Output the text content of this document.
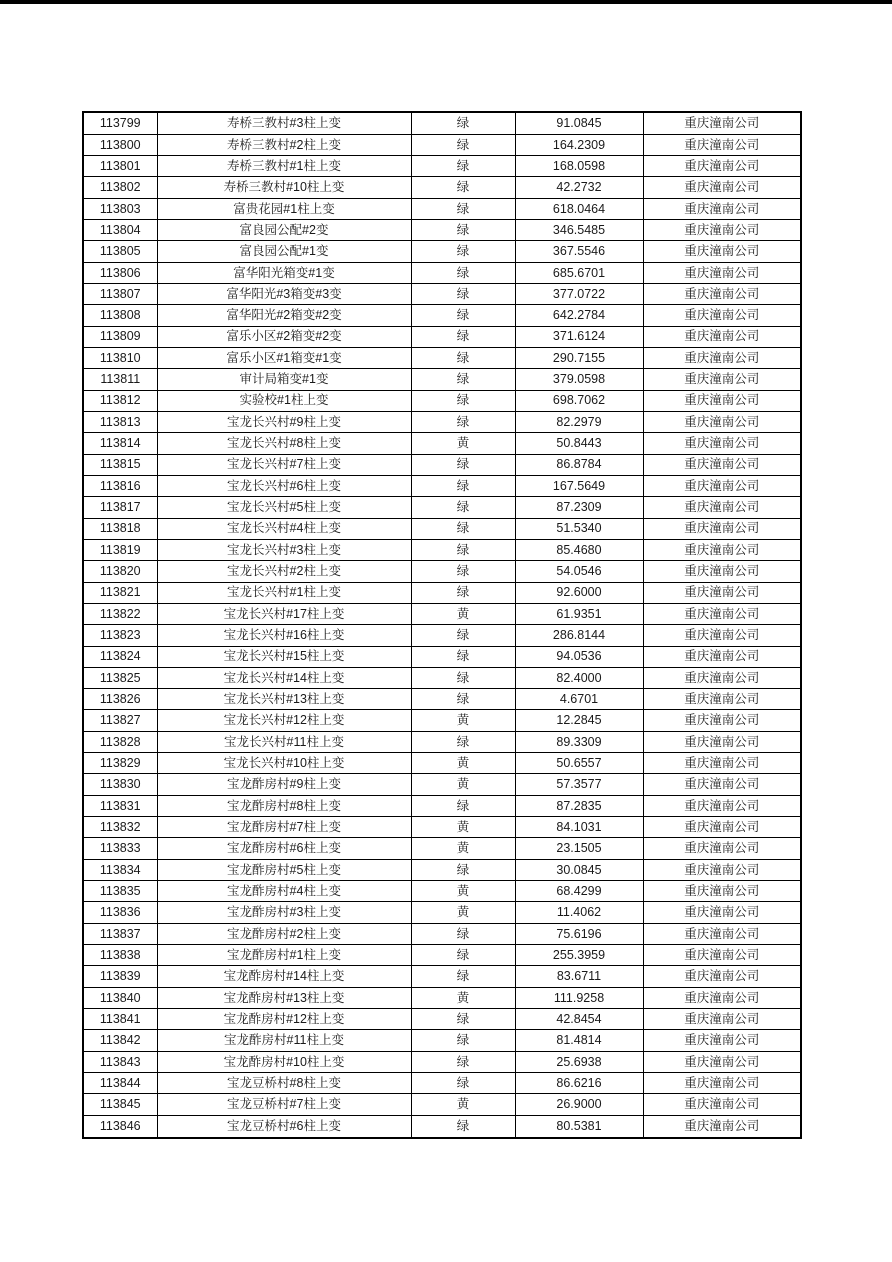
113799	寿桥三教村#3柱上变	绿	91.0845	重庆潼南公司
113800	寿桥三教村#2柱上变	绿	164.2309	重庆潼南公司
113801	寿桥三教村#1柱上变	绿	168.0598	重庆潼南公司
113802	寿桥三教村#10柱上变	绿	42.2732	重庆潼南公司
113803	富贵花园#1柱上变	绿	618.0464	重庆潼南公司
113804	富良园公配#2变	绿	346.5485	重庆潼南公司
113805	富良园公配#1变	绿	367.5546	重庆潼南公司
113806	富华阳光箱变#1变	绿	685.6701	重庆潼南公司
113807	富华阳光#3箱变#3变	绿	377.0722	重庆潼南公司
113808	富华阳光#2箱变#2变	绿	642.2784	重庆潼南公司
113809	富乐小区#2箱变#2变	绿	371.6124	重庆潼南公司
113810	富乐小区#1箱变#1变	绿	290.7155	重庆潼南公司
113811	审计局箱变#1变	绿	379.0598	重庆潼南公司
113812	实验校#1柱上变	绿	698.7062	重庆潼南公司
113813	宝龙长兴村#9柱上变	绿	82.2979	重庆潼南公司
113814	宝龙长兴村#8柱上变	黄	50.8443	重庆潼南公司
113815	宝龙长兴村#7柱上变	绿	86.8784	重庆潼南公司
113816	宝龙长兴村#6柱上变	绿	167.5649	重庆潼南公司
113817	宝龙长兴村#5柱上变	绿	87.2309	重庆潼南公司
113818	宝龙长兴村#4柱上变	绿	51.5340	重庆潼南公司
113819	宝龙长兴村#3柱上变	绿	85.4680	重庆潼南公司
113820	宝龙长兴村#2柱上变	绿	54.0546	重庆潼南公司
113821	宝龙长兴村#1柱上变	绿	92.6000	重庆潼南公司
113822	宝龙长兴村#17柱上变	黄	61.9351	重庆潼南公司
113823	宝龙长兴村#16柱上变	绿	286.8144	重庆潼南公司
113824	宝龙长兴村#15柱上变	绿	94.0536	重庆潼南公司
113825	宝龙长兴村#14柱上变	绿	82.4000	重庆潼南公司
113826	宝龙长兴村#13柱上变	绿	4.6701	重庆潼南公司
113827	宝龙长兴村#12柱上变	黄	12.2845	重庆潼南公司
113828	宝龙长兴村#11柱上变	绿	89.3309	重庆潼南公司
113829	宝龙长兴村#10柱上变	黄	50.6557	重庆潼南公司
113830	宝龙酢房村#9柱上变	黄	57.3577	重庆潼南公司
113831	宝龙酢房村#8柱上变	绿	87.2835	重庆潼南公司
113832	宝龙酢房村#7柱上变	黄	84.1031	重庆潼南公司
113833	宝龙酢房村#6柱上变	黄	23.1505	重庆潼南公司
113834	宝龙酢房村#5柱上变	绿	30.0845	重庆潼南公司
113835	宝龙酢房村#4柱上变	黄	68.4299	重庆潼南公司
113836	宝龙酢房村#3柱上变	黄	11.4062	重庆潼南公司
113837	宝龙酢房村#2柱上变	绿	75.6196	重庆潼南公司
113838	宝龙酢房村#1柱上变	绿	255.3959	重庆潼南公司
113839	宝龙酢房村#14柱上变	绿	83.6711	重庆潼南公司
113840	宝龙酢房村#13柱上变	黄	111.9258	重庆潼南公司
113841	宝龙酢房村#12柱上变	绿	42.8454	重庆潼南公司
113842	宝龙酢房村#11柱上变	绿	81.4814	重庆潼南公司
113843	宝龙酢房村#10柱上变	绿	25.6938	重庆潼南公司
113844	宝龙豆桥村#8柱上变	绿	86.6216	重庆潼南公司
113845	宝龙豆桥村#7柱上变	黄	26.9000	重庆潼南公司
113846	宝龙豆桥村#6柱上变	绿	80.5381	重庆潼南公司
